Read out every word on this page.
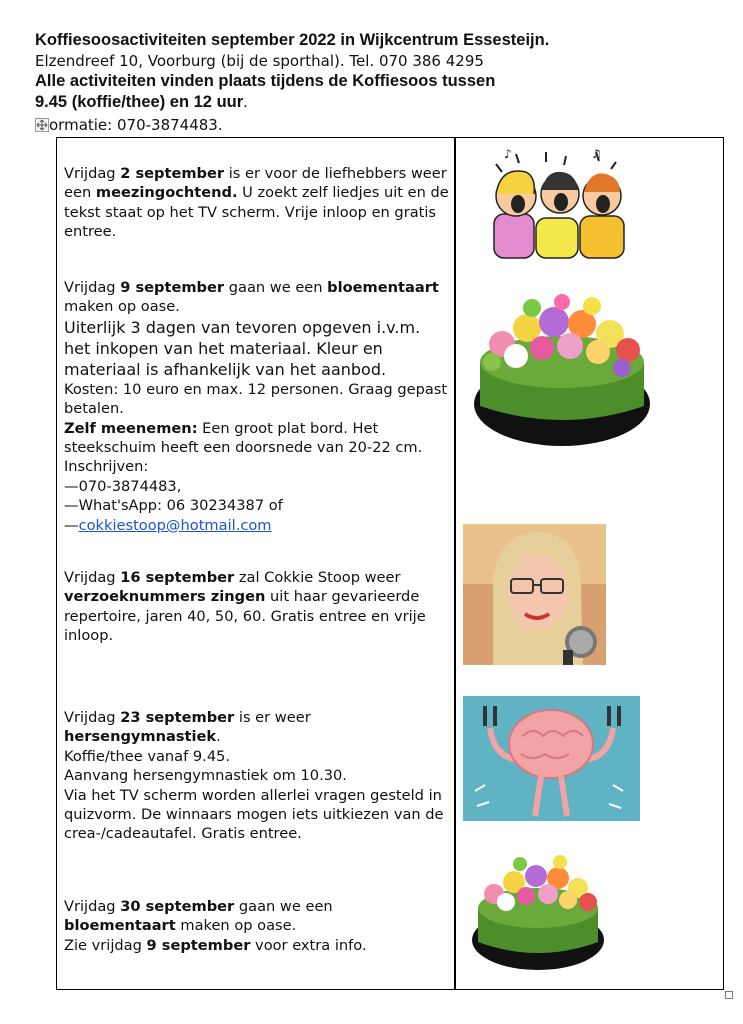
Koffiesoosactiviteiten september 2022 in Wijkcentrum Essesteijn.
Elzendreef 10, Voorburg (bij de sporthal). Tel. 070 386 4295
Alle activiteiten vinden plaats tijdens de Koffiesoos tussen
9.45 (koffie/thee) en 12 uur.
ormatie: 070-3874483.

Vrijdag 2 september is er voor de liefhebbers weer een meezingochtend. U zoekt zelf liedjes uit en de tekst staat op het TV scherm. Vrije inloop en gratis entree.

Vrijdag 9 september gaan we een bloementaart maken op oase.

Uiterlijk 3 dagen van tevoren opgeven i.v.m. het inkopen van het materiaal. Kleur en materiaal is afhankelijk van het aanbod.

Kosten: 10 euro en max. 12 personen. Graag gepast betalen.

Zelf meenemen: Een groot plat bord. Het steekschuim heeft een doorsnede van 20-22 cm.

Inschrijven:

—070-3874483,

—What'sApp: 06 30234387 of

—cokkiestoop@hotmail.com

Vrijdag 16 september zal Cokkie Stoop weer verzoeknummers zingen uit haar gevarieerde repertoire, jaren 40, 50, 60. Gratis entree en vrije inloop.

Vrijdag 23 september is er weer hersengymnastiek.

Koffie/thee vanaf 9.45.

Aanvang hersengymnastiek om 10.30.

Via het TV scherm worden allerlei vragen gesteld in quizvorm. De winnaars mogen iets uitkiezen van de crea-/cadeautafel. Gratis entree.

Vrijdag 30 september gaan we een bloementaart maken op oase.

Zie vrijdag 9 september voor extra info.

♪	♫
